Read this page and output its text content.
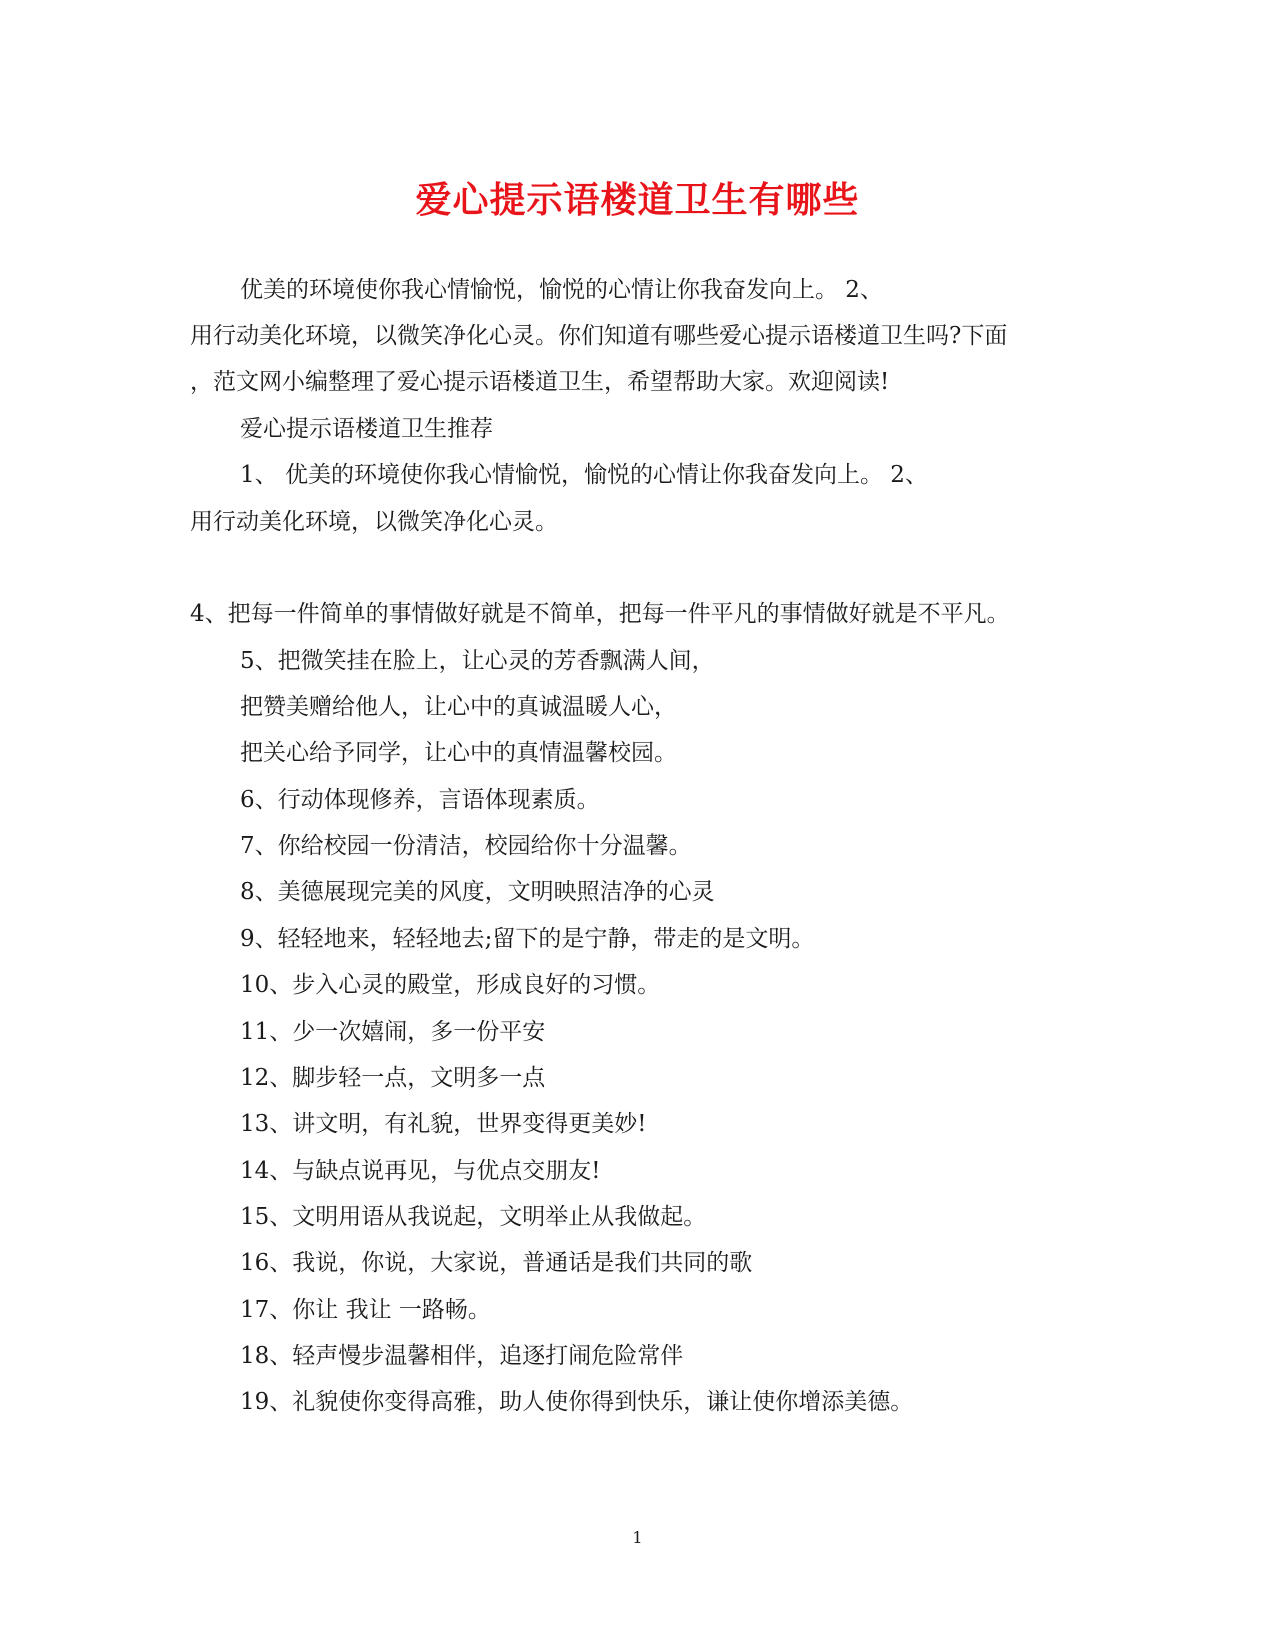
爱心提示语楼道卫生有哪些
优美的环境使你我心情愉悦，愉悦的心情让你我奋发向上。 2、
用行动美化环境，以微笑净化心灵。你们知道有哪些爱心提示语楼道卫生吗?下面
，范文网小编整理了爱心提示语楼道卫生，希望帮助大家。欢迎阅读!
爱心提示语楼道卫生推荐
1、 优美的环境使你我心情愉悦，愉悦的心情让你我奋发向上。 2、
用行动美化环境，以微笑净化心灵。
4、把每一件简单的事情做好就是不简单，把每一件平凡的事情做好就是不平凡。
5、把微笑挂在脸上，让心灵的芳香飘满人间，
把赞美赠给他人，让心中的真诚温暖人心，
把关心给予同学，让心中的真情温馨校园。
6、行动体现修养，言语体现素质。
7、你给校园一份清洁，校园给你十分温馨。
8、美德展现完美的风度，文明映照洁净的心灵
9、轻轻地来，轻轻地去;留下的是宁静，带走的是文明。
10、步入心灵的殿堂，形成良好的习惯。
11、少一次嬉闹，多一份平安
12、脚步轻一点，文明多一点
13、讲文明，有礼貌，世界变得更美妙!
14、与缺点说再见，与优点交朋友!
15、文明用语从我说起，文明举止从我做起。
16、我说，你说，大家说，普通话是我们共同的歌
17、你让 我让 一路畅。
18、轻声慢步温馨相伴，追逐打闹危险常伴
19、礼貌使你变得高雅，助人使你得到快乐，谦让使你增添美德。
1
